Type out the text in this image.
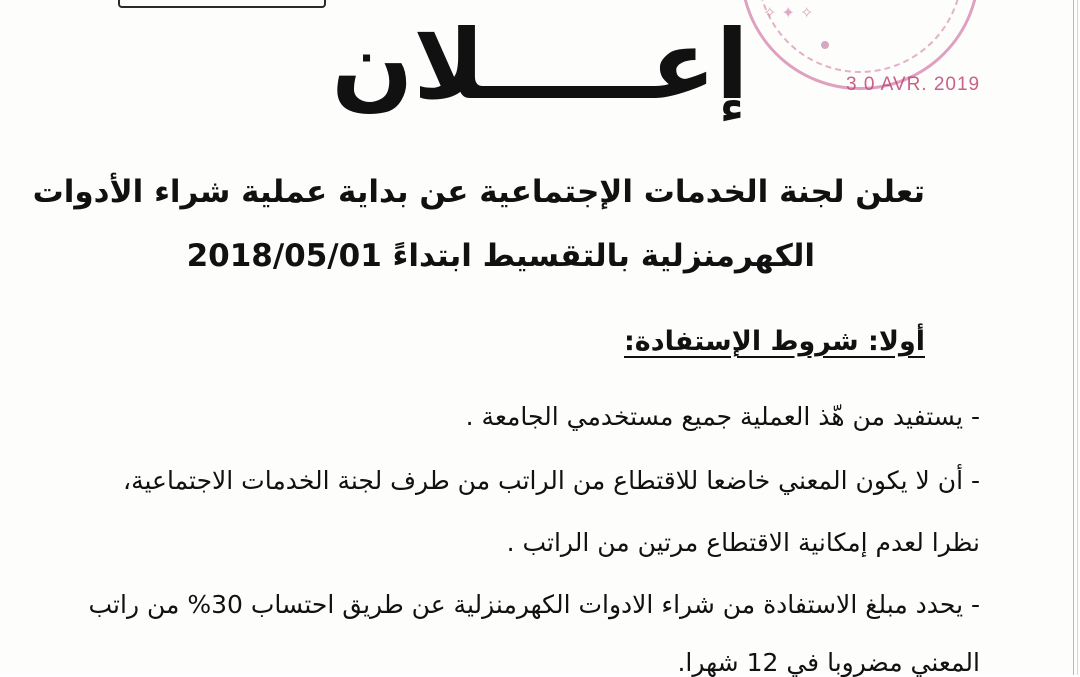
✧ ✦ ✧
3 0 AVR. 2019
إعـــــلان
تعلن لجنة الخدمات الإجتماعية عن بداية عملية شراء الأدوات
الكهرمنزلية بالتقسيط ابتداءً 2018/05/01
أولا: شروط الإستفادة:
- يستفيد من هّذ العملية جميع مستخدمي الجامعة .
- أن لا يكون المعني خاضعا للاقتطاع من الراتب من طرف لجنة الخدمات الاجتماعية،
نظرا لعدم إمكانية الاقتطاع مرتين من الراتب .
- يحدد مبلغ الاستفادة من شراء الادوات الكهرمنزلية عن طريق احتساب 30% من راتب
المعني مضروبا في 12 شهرا.
